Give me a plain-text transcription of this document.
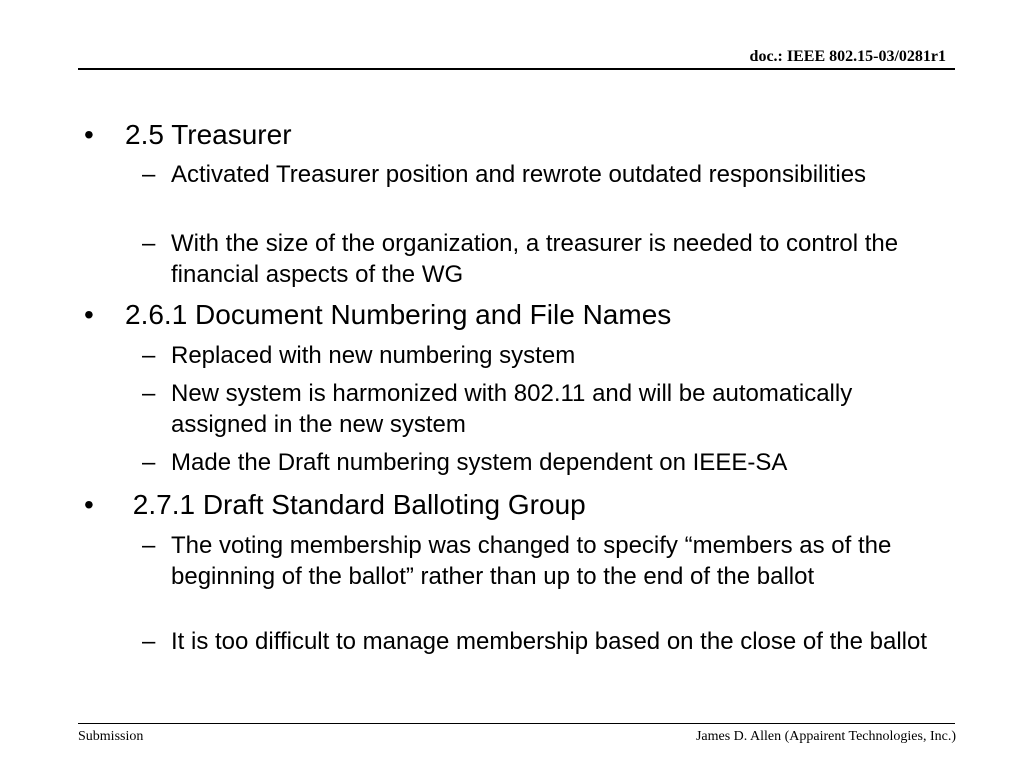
doc.: IEEE 802.15-03/0281r1
• 2.5 Treasurer
– Activated Treasurer position and rewrote outdated responsibilities
– With the size of the organization, a treasurer is needed to control the financial aspects of the WG
• 2.6.1 Document Numbering and File Names
– Replaced with new numbering system
– New system is harmonized with 802.11 and will be automatically assigned in the new system
– Made the Draft numbering system dependent on IEEE-SA
• 2.7.1 Draft Standard Balloting Group
– The voting membership was changed to specify “members as of the beginning of the ballot” rather than up to the end of the ballot
– It is too difficult to manage membership based on the close of the ballot
Submission	James D. Allen (Appairent Technologies, Inc.)
